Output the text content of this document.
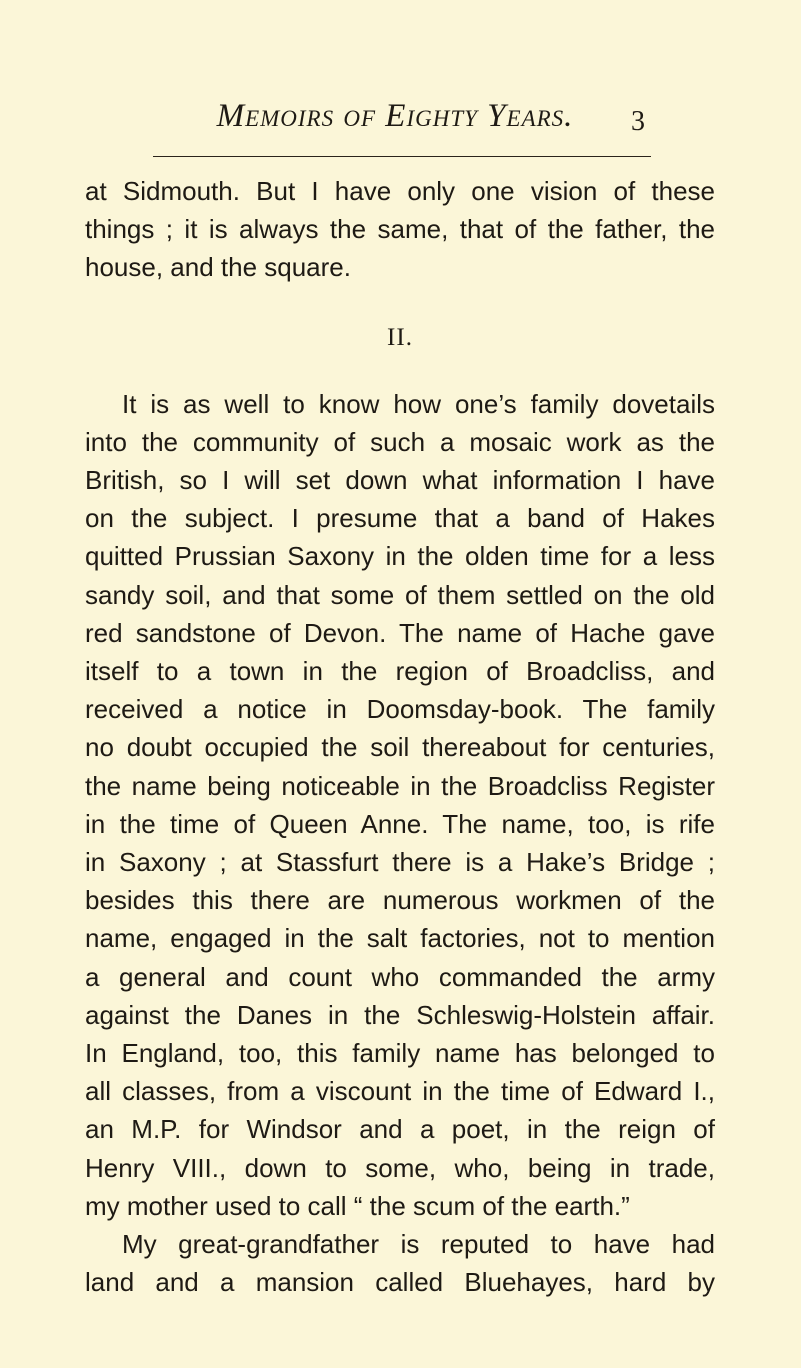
Memoirs of Eighty Years.	3
at Sidmouth. But I have only one vision of these
things ; it is always the same, that of the father, the
house, and the square.
II.
It is as well to know how one’s family dovetails
into the community of such a mosaic work as the
British, so I will set down what information I have
on the subject. I presume that a band of Hakes
quitted Prussian Saxony in the olden time for a less
sandy soil, and that some of them settled on the old
red sandstone of Devon. The name of Hache gave
itself to a town in the region of Broadcliss, and
received a notice in Doomsday-book. The family
no doubt occupied the soil thereabout for centuries,
the name being noticeable in the Broadcliss Register
in the time of Queen Anne. The name, too, is rife
in Saxony ; at Stassfurt there is a Hake’s Bridge ;
besides this there are numerous workmen of the
name, engaged in the salt factories, not to mention
a general and count who commanded the army
against the Danes in the Schleswig-Holstein affair.
In England, too, this family name has belonged to
all classes, from a viscount in the time of Edward I.,
an M.P. for Windsor and a poet, in the reign of
Henry VIII., down to some, who, being in trade,
my mother used to call “ the scum of the earth.”
My great-grandfather is reputed to have had
land and a mansion called Bluehayes, hard by
